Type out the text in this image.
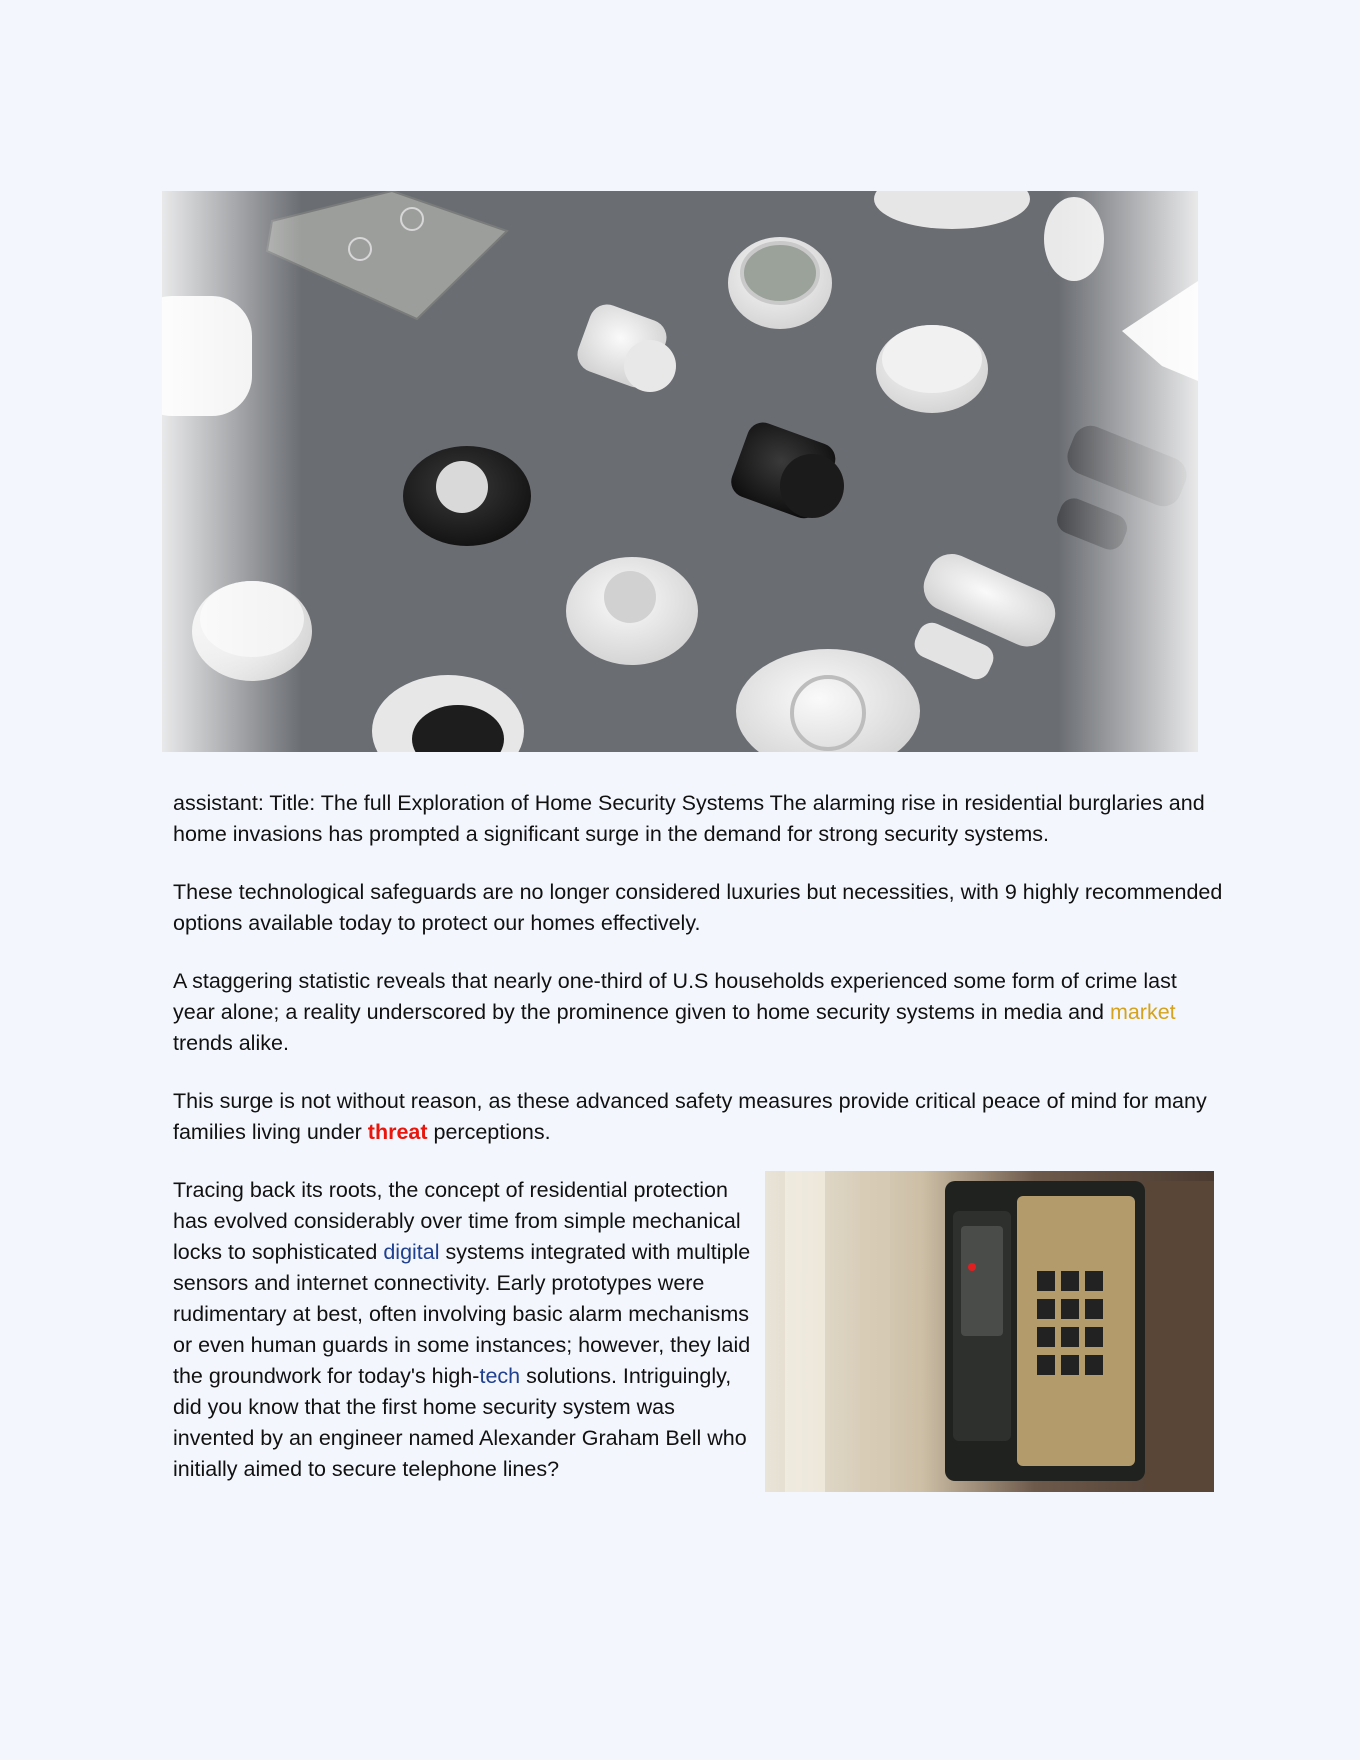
assistant: Title: The full Exploration of Home Security Systems The alarming rise in residential burglaries and home invasions has prompted a significant surge in the demand for strong security systems.

These technological safeguards are no longer considered luxuries but necessities, with 9 highly recommended options available today to protect our homes effectively.

A staggering statistic reveals that nearly one-third of U.S households experienced some form of crime last year alone; a reality underscored by the prominence given to home security systems in media and market trends alike.

This surge is not without reason, as these advanced safety measures provide critical peace of mind for many families living under threat perceptions.

Tracing back its roots, the concept of residential protection has evolved considerably over time from simple mechanical locks to sophisticated digital systems integrated with multiple sensors and internet connectivity. Early prototypes were rudimentary at best, often involving basic alarm mechanisms or even human guards in some instances; however, they laid the groundwork for today's high-tech solutions. Intriguingly, did you know that the first home security system was invented by an engineer named Alexander Graham Bell who initially aimed to secure telephone lines?
